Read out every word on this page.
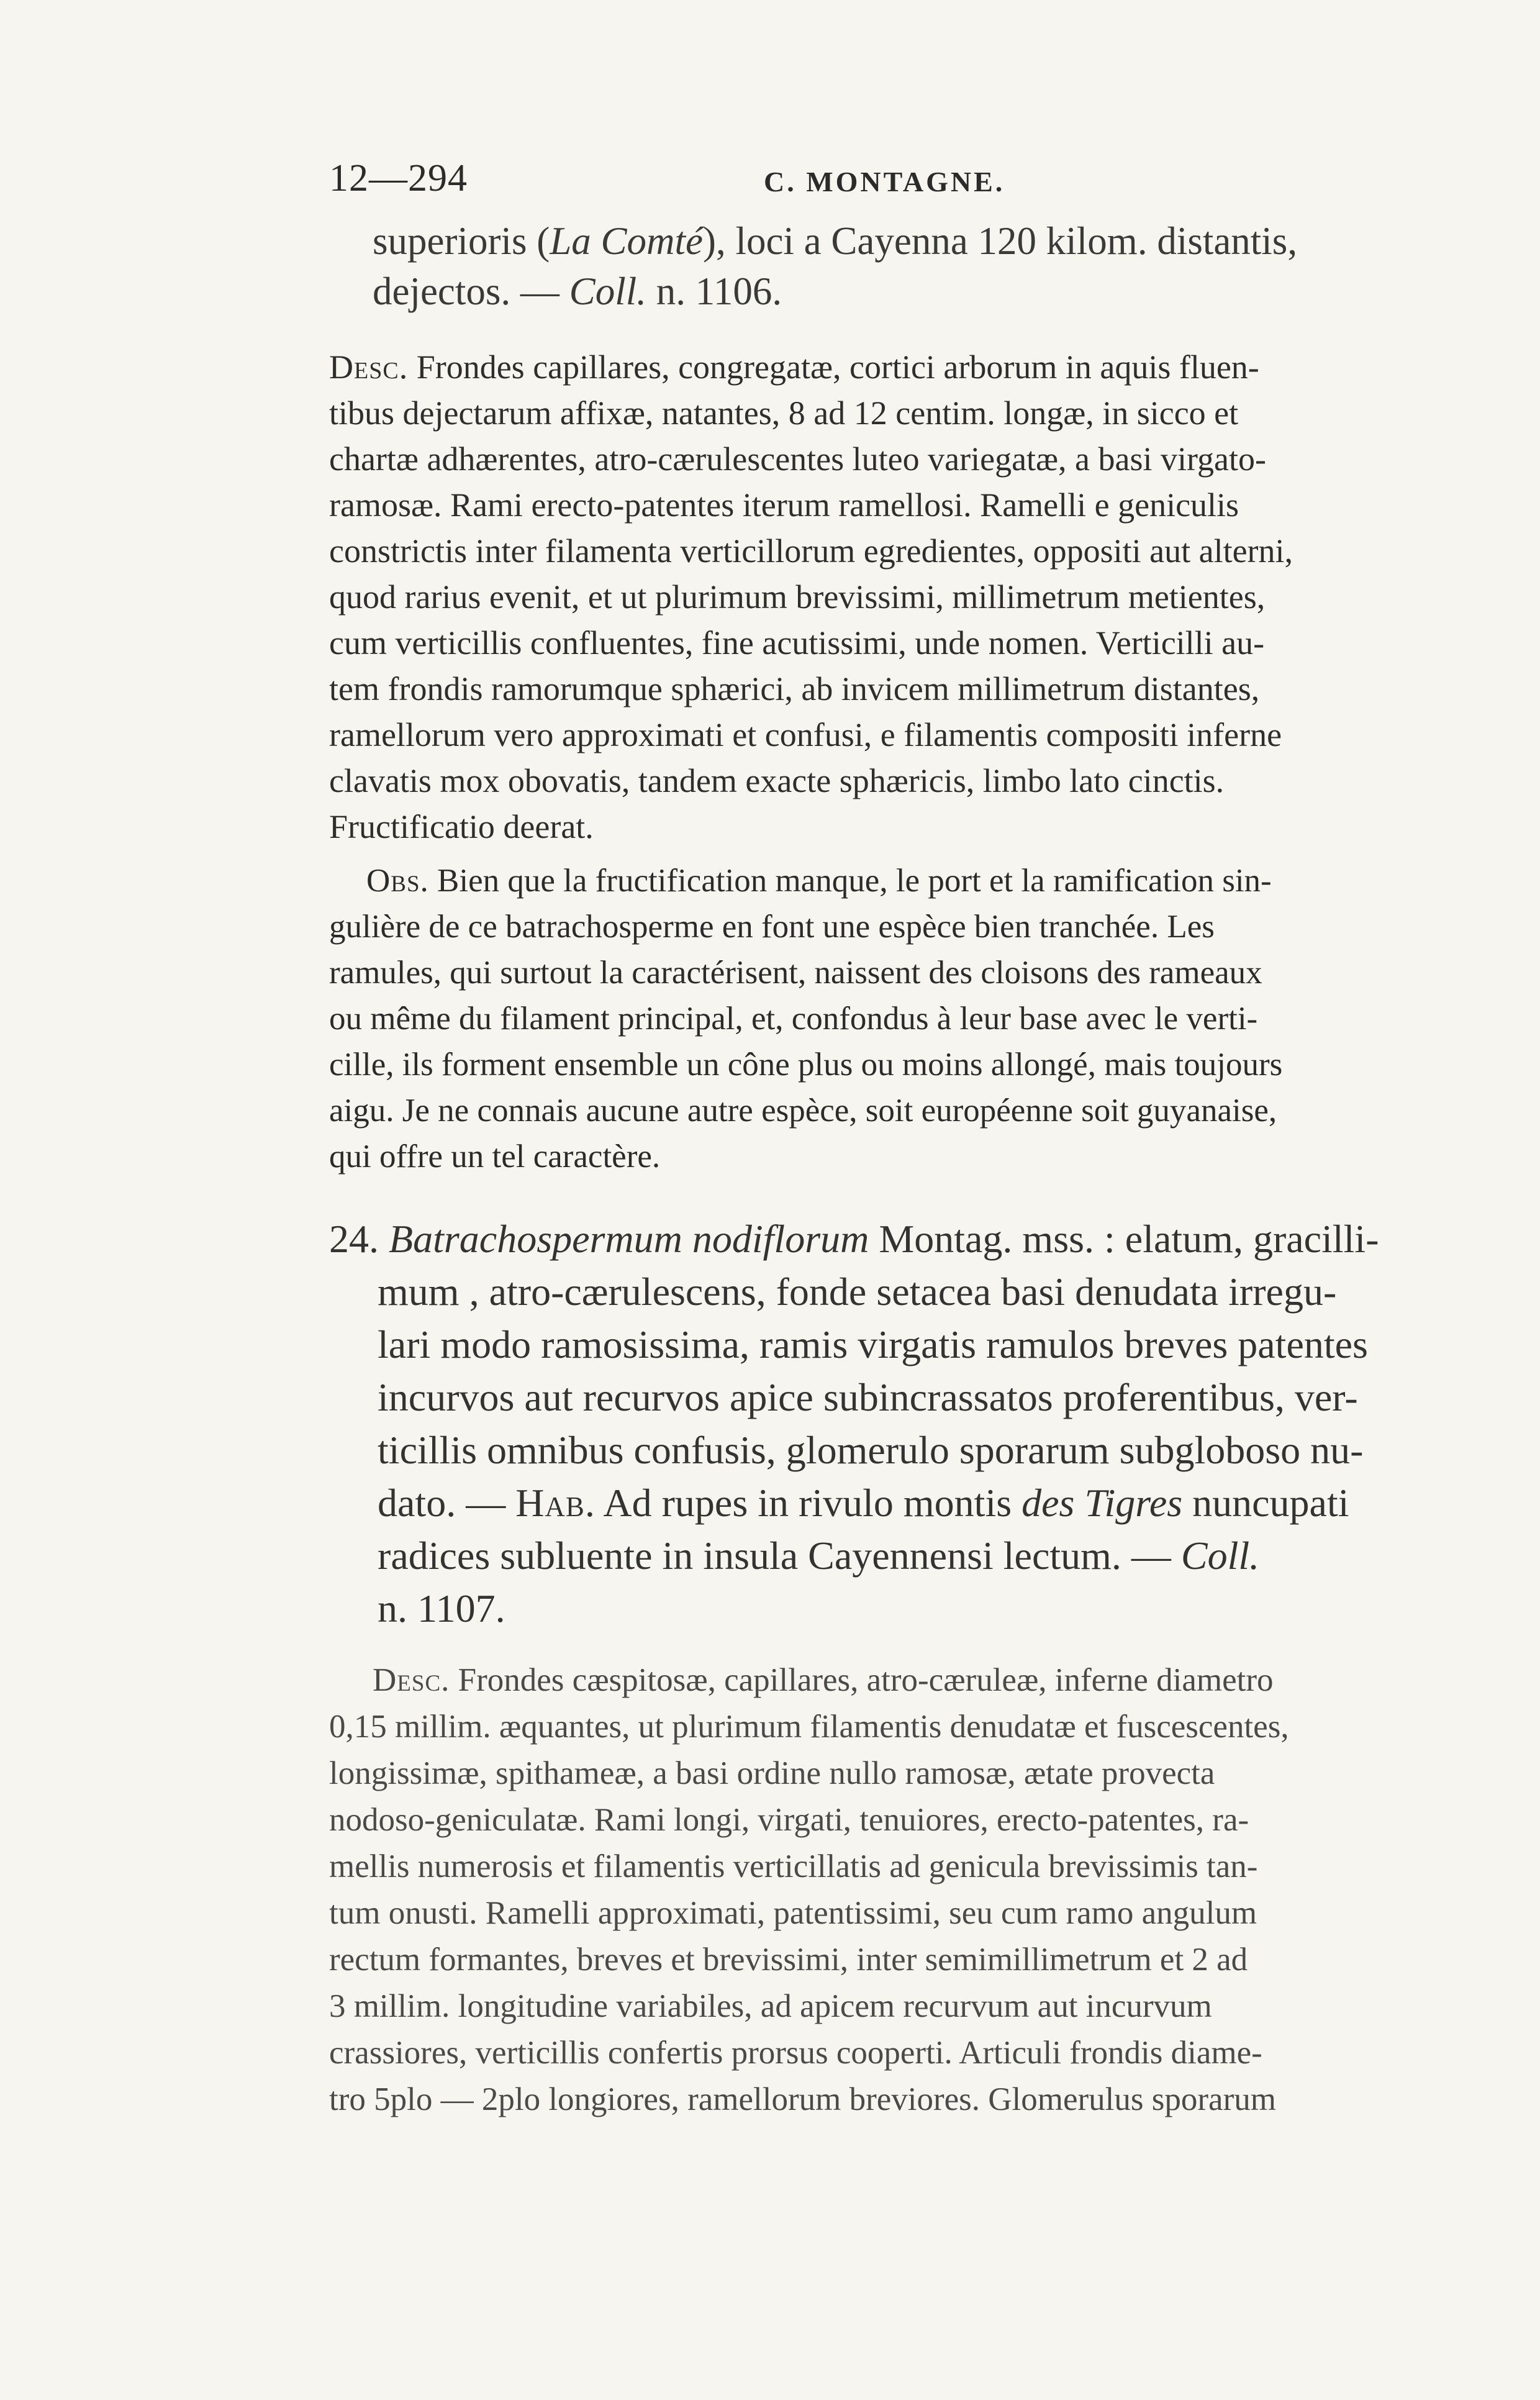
12—294	C. MONTAGNE.
superioris (La Comté), loci a Cayenna 120 kilom. distantis,
dejectos. — Coll. n. 1106.
Desc. Frondes capillares, congregatæ, cortici arborum in aquis fluen-
tibus dejectarum affixæ, natantes, 8 ad 12 centim. longæ, in sicco et
chartæ adhærentes, atro-cærulescentes luteo variegatæ, a basi virgato-
ramosæ. Rami erecto-patentes iterum ramellosi. Ramelli e geniculis
constrictis inter filamenta verticillorum egredientes, oppositi aut alterni,
quod rarius evenit, et ut plurimum brevissimi, millimetrum metientes,
cum verticillis confluentes, fine acutissimi, unde nomen. Verticilli au-
tem frondis ramorumque sphærici, ab invicem millimetrum distantes,
ramellorum vero approximati et confusi, e filamentis compositi inferne
clavatis mox obovatis, tandem exacte sphæricis, limbo lato cinctis.
Fructificatio deerat.
Obs. Bien que la fructification manque, le port et la ramification sin-
gulière de ce batrachosperme en font une espèce bien tranchée. Les
ramules, qui surtout la caractérisent, naissent des cloisons des rameaux
ou même du filament principal, et, confondus à leur base avec le verti-
cille, ils forment ensemble un cône plus ou moins allongé, mais toujours
aigu. Je ne connais aucune autre espèce, soit européenne soit guyanaise,
qui offre un tel caractère.
24. Batrachospermum nodiflorum Montag. mss. : elatum, gracilli-
mum , atro-cærulescens, fonde setacea basi denudata irregu-
lari modo ramosissima, ramis virgatis ramulos breves patentes
incurvos aut recurvos apice subincrassatos proferentibus, ver-
ticillis omnibus confusis, glomerulo sporarum subgloboso nu-
dato. — Hab. Ad rupes in rivulo montis des Tigres nuncupati
radices subluente in insula Cayennensi lectum. — Coll.
n. 1107.
Desc. Frondes cæspitosæ, capillares, atro-cæruleæ, inferne diametro
0,15 millim. æquantes, ut plurimum filamentis denudatæ et fuscescentes,
longissimæ, spithameæ, a basi ordine nullo ramosæ, ætate provecta
nodoso-geniculatæ. Rami longi, virgati, tenuiores, erecto-patentes, ra-
mellis numerosis et filamentis verticillatis ad genicula brevissimis tan-
tum onusti. Ramelli approximati, patentissimi, seu cum ramo angulum
rectum formantes, breves et brevissimi, inter semimillimetrum et 2 ad
3 millim. longitudine variabiles, ad apicem recurvum aut incurvum
crassiores, verticillis confertis prorsus cooperti. Articuli frondis diame-
tro 5plo — 2plo longiores, ramellorum breviores. Glomerulus sporarum
